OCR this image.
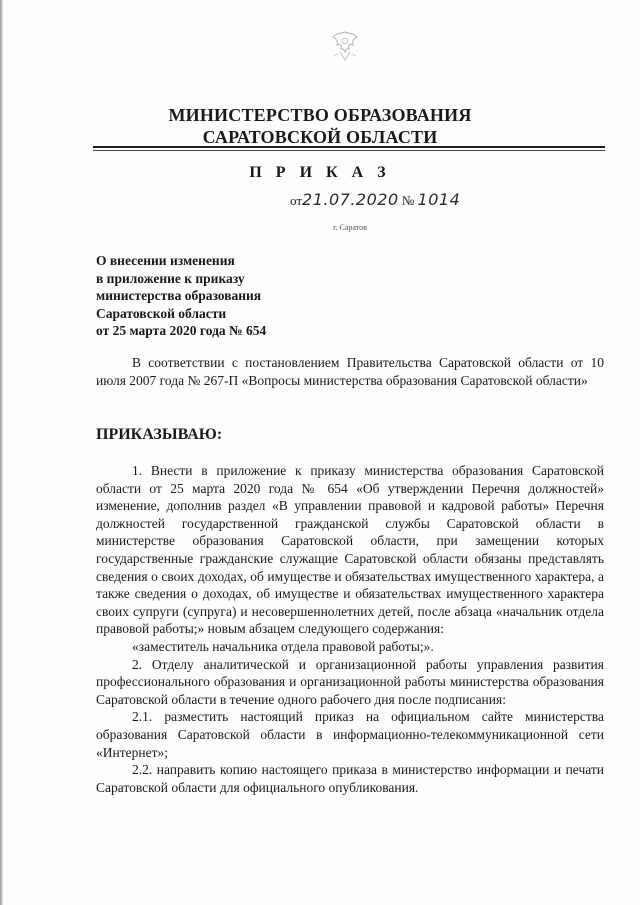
МИНИСТЕРСТВО ОБРАЗОВАНИЯ
САРАТОВСКОЙ ОБЛАСТИ
П Р И К А З
от21.07.2020 № 1014
г. Саратов
О внесении изменения
в приложение к приказу
министерства образования
Саратовской области
от 25 марта 2020 года № 654

В соответствии с постановлением Правительства Саратовской области от 10 июля 2007 года № 267-П «Вопросы министерства образования Саратовской области»

ПРИКАЗЫВАЮ:

1. Внести в приложение к приказу министерства образования Саратовской области от 25 марта 2020 года № 654 «Об утверждении Перечня должностей» изменение, дополнив раздел «В управлении правовой и кадровой работы» Перечня должностей государственной гражданской службы Саратовской области в министерстве образования Саратовской области, при замещении которых государственные гражданские служащие Саратовской области обязаны представлять сведения о своих доходах, об имуществе и обязательствах имущественного характера, а также сведения о доходах, об имуществе и обязательствах имущественного характера своих супруги (супруга) и несовершеннолетних детей, после абзаца «начальник отдела правовой работы;» новым абзацем следующего содержания:

«заместитель начальника отдела правовой работы;».

2. Отделу аналитической и организационной работы управления развития профессионального образования и организационной работы министерства образования Саратовской области в течение одного рабочего дня после подписания:

2.1. разместить настоящий приказ на официальном сайте министерства образования Саратовской области в информационно-телекоммуникационной сети «Интернет»;

2.2. направить копию настоящего приказа в министерство информации и печати Саратовской области для официального опубликования.
